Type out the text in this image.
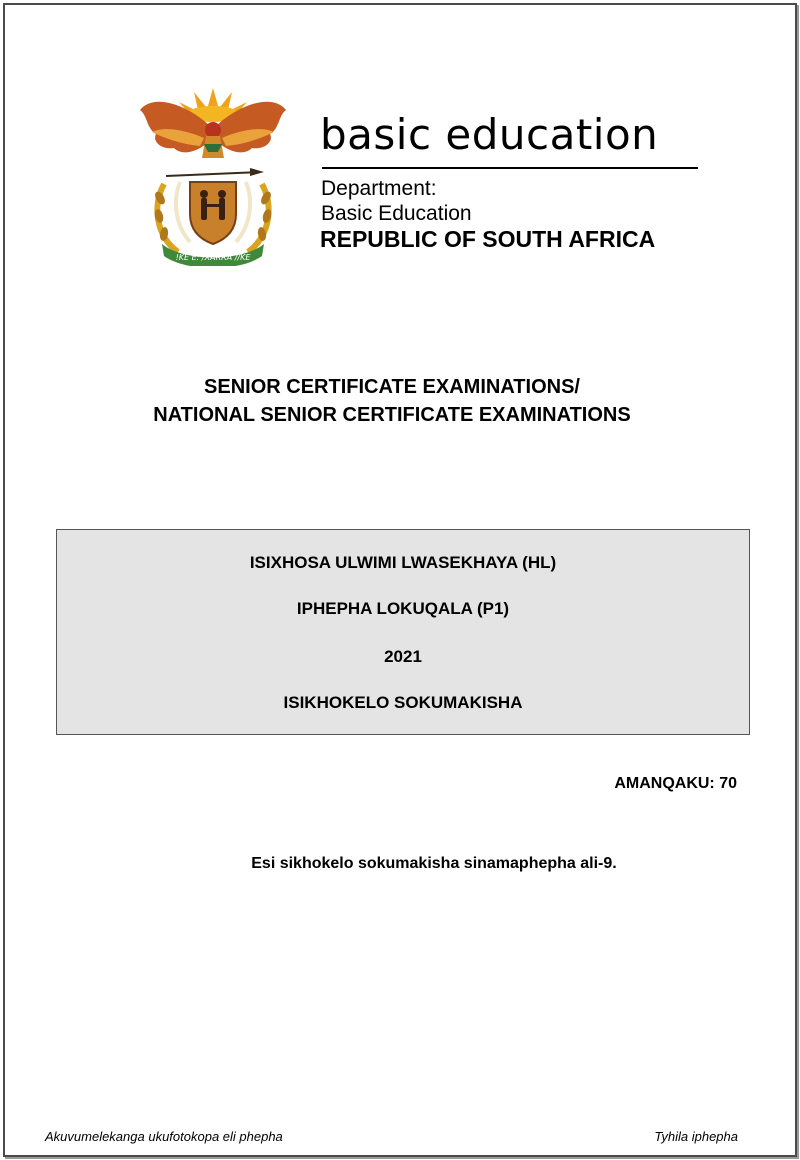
!KE E: /XARRA //KE
basic education
Department:
Basic Education
REPUBLIC OF SOUTH AFRICA
SENIOR CERTIFICATE EXAMINATIONS/
NATIONAL SENIOR CERTIFICATE EXAMINATIONS
ISIXHOSA ULWIMI LWASEKHAYA (HL)
IPHEPHA LOKUQALA (P1)
2021
ISIKHOKELO SOKUMAKISHA
AMANQAKU: 70
Esi sikhokelo sokumakisha sinamaphepha ali-9.
Akuvumelekanga ukufotokopa eli phepha	Tyhila iphepha
